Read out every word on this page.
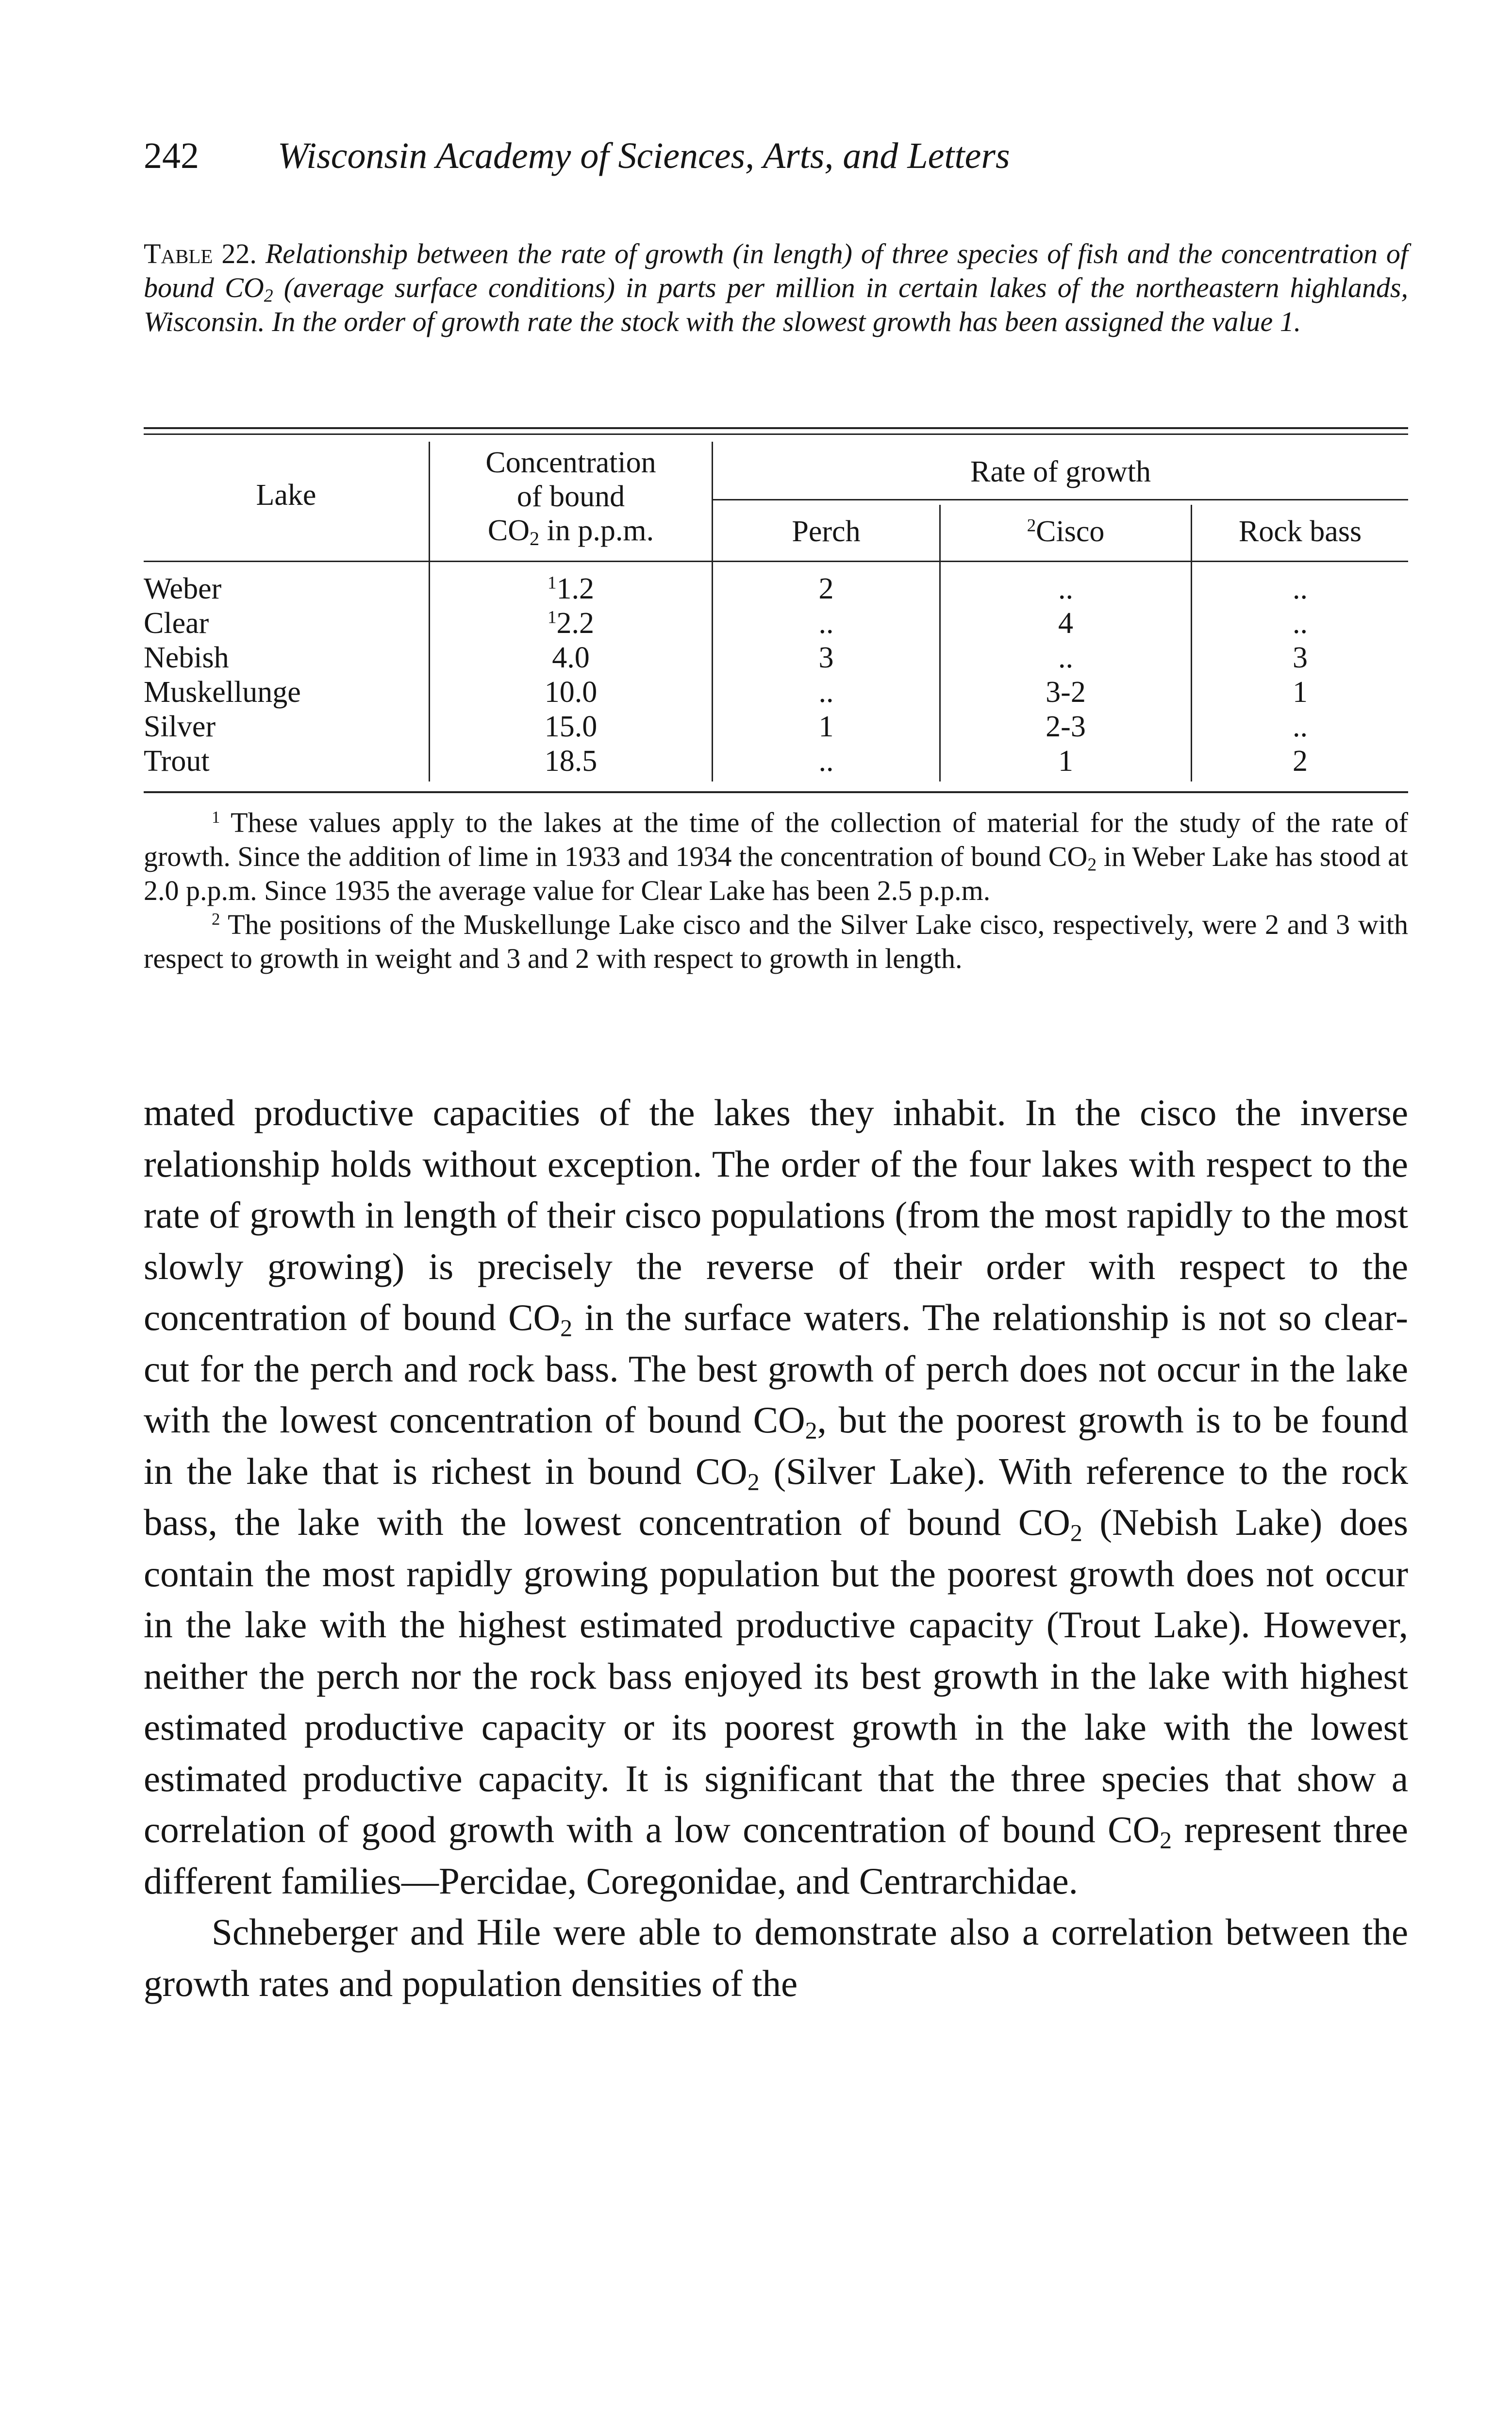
242 Wisconsin Academy of Sciences, Arts, and Letters
Table 22. Relationship between the rate of growth (in length) of three species of fish and the concentration of bound $CO_2$ (average surface conditions) in parts per million in certain lakes of the northeastern highlands, Wisconsin. In the order of growth rate the stock with the slowest growth has been assigned the value 1.
Lake
Concentration
of bound
$CO_2$ in p.p.m.
Rate of growth
Perch	$^2$Cisco	Rock bass
Weber	$^1$1.2	2	..	..
Clear	$^1$2.2	..	4	..
Nebish	4.0	3	..	3
Muskellunge	10.0	..	3-2	1
Silver	15.0	1	2-3	..
Trout	18.5	..	1	2

$^1$ These values apply to the lakes at the time of the collection of material for the study of the rate of growth. Since the addition of lime in 1933 and 1934 the concentration of bound $CO_2$ in Weber Lake has stood at 2.0 p.p.m. Since 1935 the average value for Clear Lake has been 2.5 p.p.m.

$^2$ The positions of the Muskellunge Lake cisco and the Silver Lake cisco, respectively, were 2 and 3 with respect to growth in weight and 3 and 2 with respect to growth in length.

mated productive capacities of the lakes they inhabit. In the cisco the inverse relationship holds without exception. The order of the four lakes with respect to the rate of growth in length of their cisco populations (from the most rapidly to the most slowly growing) is precisely the reverse of their order with respect to the concentration of bound $CO_2$ in the surface waters. The relationship is not so clear-cut for the perch and rock bass. The best growth of perch does not occur in the lake with the lowest concentration of bound $CO_2$, but the poorest growth is to be found in the lake that is richest in bound $CO_2$ (Silver Lake). With reference to the rock bass, the lake with the lowest concentration of bound $CO_2$ (Nebish Lake) does contain the most rapidly growing population but the poorest growth does not occur in the lake with the highest estimated productive capacity (Trout Lake). However, neither the perch nor the rock bass enjoyed its best growth in the lake with highest estimated productive capacity or its poorest growth in the lake with the lowest estimated productive capacity. It is significant that the three species that show a correlation of good growth with a low concentration of bound $CO_2$ represent three different families—Percidae, Coregonidae, and Centrarchidae.

Schneberger and Hile were able to demonstrate also a correlation between the growth rates and population densities of the
